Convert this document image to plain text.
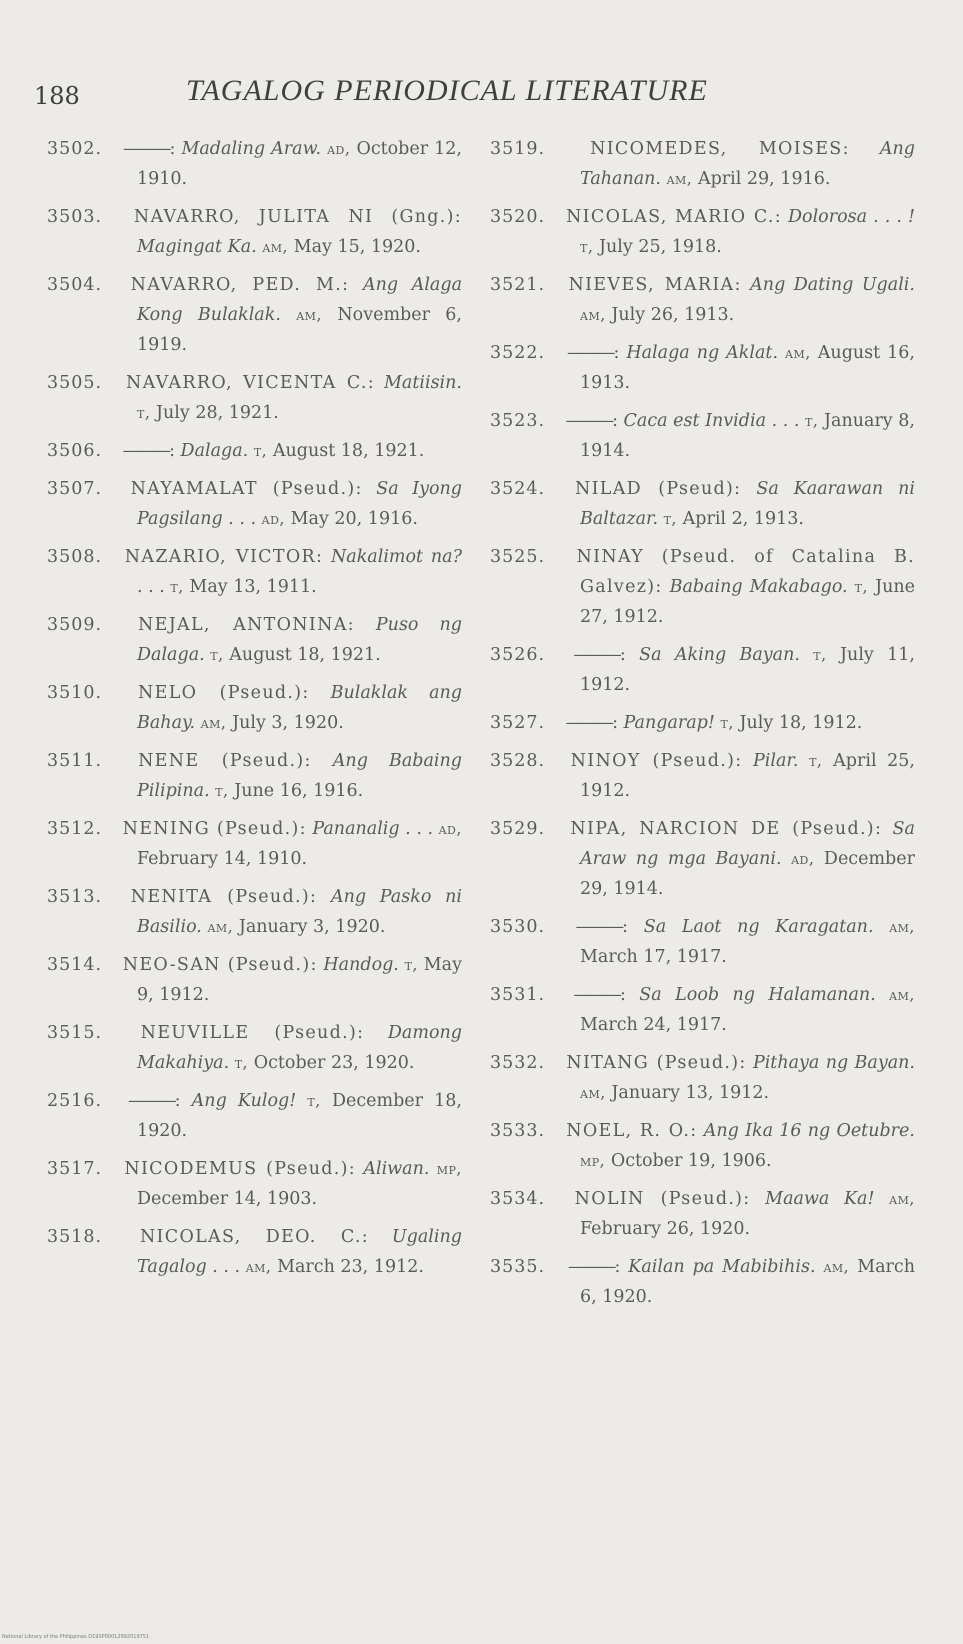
188	TAGALOG PERIODICAL LITERATURE
3502. ———: Madaling Araw. ad, October 12, 1910.
3503. NAVARRO, JULITA NI (Gng.): Magingat Ka. am, May 15, 1920.
3504. NAVARRO, PED. M.: Ang Alaga Kong Bulaklak. am, November 6, 1919.
3505. NAVARRO, VICENTA C.: Matiisin. t, July 28, 1921.
3506. ———: Dalaga. t, August 18, 1921.
3507. NAYAMALAT (Pseud.): Sa Iyong Pagsilang . . . ad, May 20, 1916.
3508. NAZARIO, VICTOR: Nakalimot na? . . . t, May 13, 1911.
3509. NEJAL, ANTONINA: Puso ng Dalaga. t, August 18, 1921.
3510. NELO (Pseud.): Bulaklak ang Bahay. am, July 3, 1920.
3511. NENE (Pseud.): Ang Babaing Pilipina. t, June 16, 1916.
3512. NENING (Pseud.): Pananalig . . . ad, February 14, 1910.
3513. NENITA (Pseud.): Ang Pasko ni Basilio. am, January 3, 1920.
3514. NEO-SAN (Pseud.): Handog. t, May 9, 1912.
3515. NEUVILLE (Pseud.): Damong Makahiya. t, October 23, 1920.
2516. ———: Ang Kulog! t, December 18, 1920.
3517. NICODEMUS (Pseud.): Aliwan. mp, December 14, 1903.
3518. NICOLAS, DEO. C.: Ugaling Tagalog . . . am, March 23, 1912.
3519.	NICOMEDES, MOISES: Ang Tahanan. am, April 29, 1916.
3520. NICOLAS, MARIO C.: Dolorosa . . . ! t, July 25, 1918.
3521. NIEVES, MARIA: Ang Dating Ugali. am, July 26, 1913.
3522. ———: Halaga ng Aklat. am, August 16, 1913.
3523. ———: Caca est Invidia . . . t, January 8, 1914.
3524. NILAD (Pseud): Sa Kaarawan ni Baltazar. t, April 2, 1913.
3525. NINAY (Pseud. of Catalina B. Galvez): Babaing Makabago. t, June 27, 1912.
3526. ———: Sa Aking Bayan. t, July 11, 1912.
3527. ———: Pangarap! t, July 18, 1912.
3528. NINOY (Pseud.): Pilar. t, April 25, 1912.
3529. NIPA, NARCION DE (Pseud.): Sa Araw ng mga Bayani. ad, December 29, 1914.
3530. ———: Sa Laot ng Karagatan. am, March 17, 1917.
3531. ———: Sa Loob ng Halamanan. am, March 24, 1917.
3532. NITANG (Pseud.): Pithaya ng Bayan. am, January 13, 1912.
3533. NOEL, R. O.: Ang Ika 16 ng Oetubre. mp, October 19, 1906.
3534. NOLIN (Pseud.): Maawa Ka! am, February 26, 1920.
3535. ———: Kailan pa Mabibihis. am, March 6, 1920.
National Library of the Philippines D19SP00012992019751
